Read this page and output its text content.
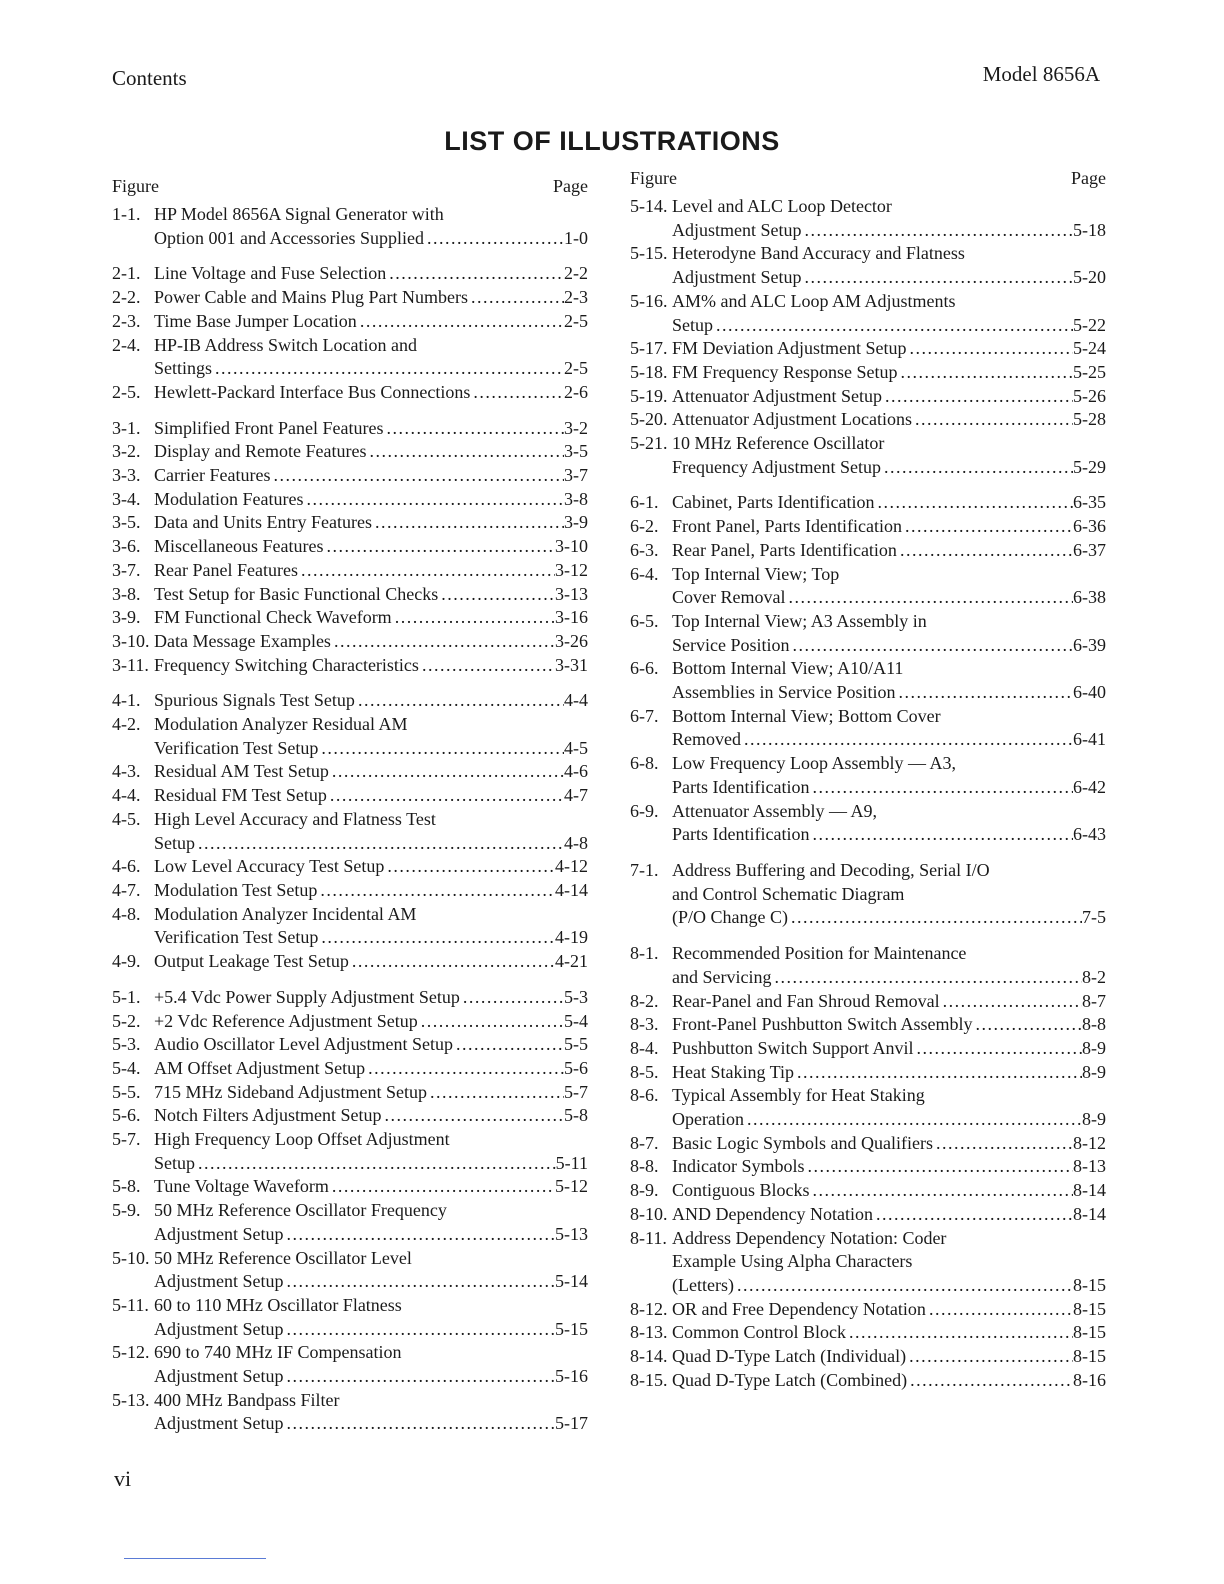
Contents	Model 8656A
LIST OF ILLUSTRATIONS
Figure	Page
1-1. HP Model 8656A Signal Generator with
Option 001 and Accessories Supplied .....	1-0
2-1. Line Voltage and Fuse Selection .....	2-2
2-2. Power Cable and Mains Plug Part Numbers .....	2-3
2-3. Time Base Jumper Location .....	2-5
2-4. HP-IB Address Switch Location and
Settings .....	2-5
2-5. Hewlett-Packard Interface Bus Connections .....	2-6
3-1. Simplified Front Panel Features .....	3-2
3-2. Display and Remote Features .....	3-5
3-3. Carrier Features .....	3-7
3-4. Modulation Features .....	3-8
3-5. Data and Units Entry Features .....	3-9
3-6. Miscellaneous Features .....	3-10
3-7. Rear Panel Features .....	3-12
3-8. Test Setup for Basic Functional Checks .....	3-13
3-9. FM Functional Check Waveform .....	3-16
3-10. Data Message Examples .....	3-26
3-11. Frequency Switching Characteristics .....	3-31
4-1. Spurious Signals Test Setup .....	4-4
4-2. Modulation Analyzer Residual AM
Verification Test Setup .....	4-5
4-3. Residual AM Test Setup .....	4-6
4-4. Residual FM Test Setup .....	4-7
4-5. High Level Accuracy and Flatness Test
Setup .....	4-8
4-6. Low Level Accuracy Test Setup .....	4-12
4-7. Modulation Test Setup .....	4-14
4-8. Modulation Analyzer Incidental AM
Verification Test Setup .....	4-19
4-9. Output Leakage Test Setup .....	4-21
5-1. +5.4 Vdc Power Supply Adjustment Setup .....	5-3
5-2. +2 Vdc Reference Adjustment Setup .....	5-4
5-3. Audio Oscillator Level Adjustment Setup .....	5-5
5-4. AM Offset Adjustment Setup .....	5-6
5-5. 715 MHz Sideband Adjustment Setup .....	5-7
5-6. Notch Filters Adjustment Setup .....	5-8
5-7. High Frequency Loop Offset Adjustment
Setup .....	5-11
5-8. Tune Voltage Waveform .....	5-12
5-9. 50 MHz Reference Oscillator Frequency
Adjustment Setup .....	5-13
5-10. 50 MHz Reference Oscillator Level
Adjustment Setup .....	5-14
5-11. 60 to 110 MHz Oscillator Flatness
Adjustment Setup .....	5-15
5-12. 690 to 740 MHz IF Compensation
Adjustment Setup .....	5-16
5-13. 400 MHz Bandpass Filter
Adjustment Setup .....	5-17
Figure	Page
5-14. Level and ALC Loop Detector
Adjustment Setup .....	5-18
5-15. Heterodyne Band Accuracy and Flatness
Adjustment Setup .....	5-20
5-16. AM% and ALC Loop AM Adjustments
Setup .....	5-22
5-17. FM Deviation Adjustment Setup .....	5-24
5-18. FM Frequency Response Setup .....	5-25
5-19. Attenuator Adjustment Setup .....	5-26
5-20. Attenuator Adjustment Locations .....	5-28
5-21. 10 MHz Reference Oscillator
Frequency Adjustment Setup .....	5-29
6-1. Cabinet, Parts Identification .....	6-35
6-2. Front Panel, Parts Identification .....	6-36
6-3. Rear Panel, Parts Identification .....	6-37
6-4. Top Internal View; Top
Cover Removal .....	6-38
6-5. Top Internal View; A3 Assembly in
Service Position .....	6-39
6-6. Bottom Internal View; A10/A11
Assemblies in Service Position .....	6-40
6-7. Bottom Internal View; Bottom Cover
Removed .....	6-41
6-8. Low Frequency Loop Assembly — A3,
Parts Identification .....	6-42
6-9. Attenuator Assembly — A9,
Parts Identification .....	6-43
7-1. Address Buffering and Decoding, Serial I/O
and Control Schematic Diagram
(P/O Change C) .....	7-5
8-1. Recommended Position for Maintenance
and Servicing .....	8-2
8-2. Rear-Panel and Fan Shroud Removal .....	8-7
8-3. Front-Panel Pushbutton Switch Assembly .....	8-8
8-4. Pushbutton Switch Support Anvil .....	8-9
8-5. Heat Staking Tip .....	8-9
8-6. Typical Assembly for Heat Staking
Operation .....	8-9
8-7. Basic Logic Symbols and Qualifiers .....	8-12
8-8. Indicator Symbols .....	8-13
8-9. Contiguous Blocks .....	8-14
8-10. AND Dependency Notation .....	8-14
8-11. Address Dependency Notation: Coder
Example Using Alpha Characters
(Letters) .....	8-15
8-12. OR and Free Dependency Notation .....	8-15
8-13. Common Control Block .....	8-15
8-14. Quad D-Type Latch (Individual) .....	8-15
8-15. Quad D-Type Latch (Combined) .....	8-16
vi
